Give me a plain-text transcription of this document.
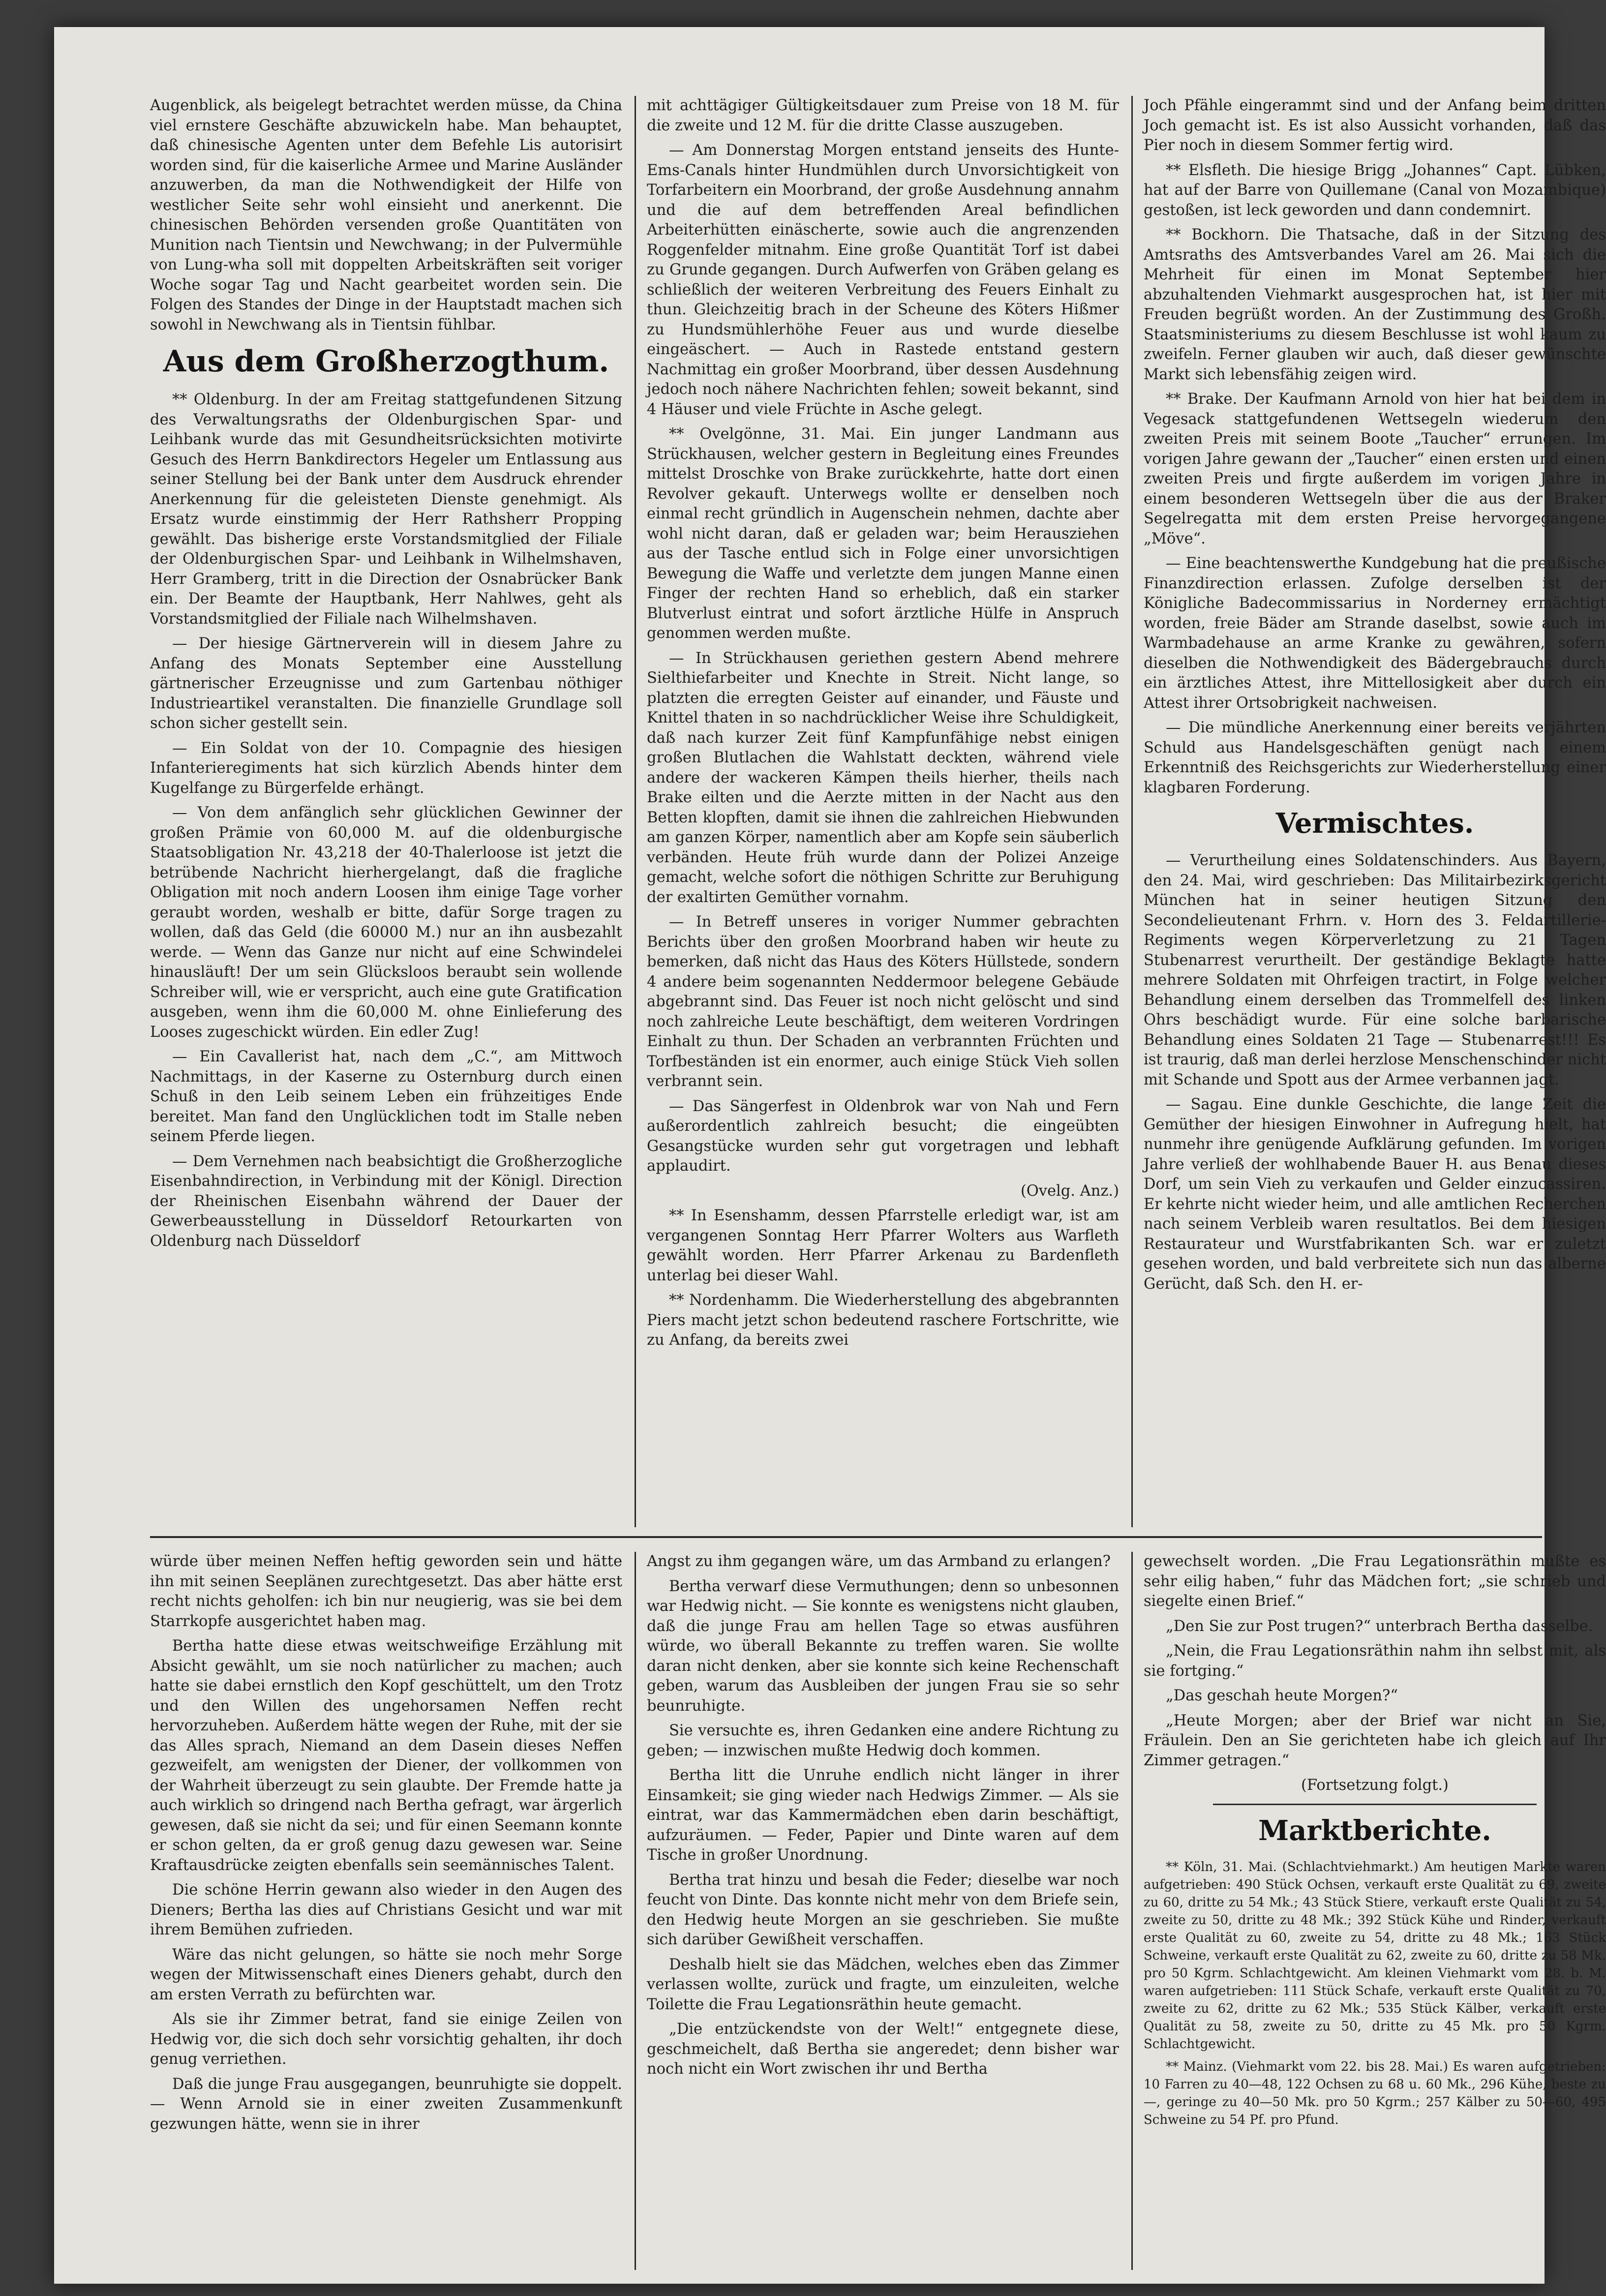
Augenblick, als beigelegt betrachtet werden müsse, da China viel ernstere Geschäfte abzuwickeln habe. Man behauptet, daß chinesische Agenten unter dem Befehle Lis autorisirt worden sind, für die kaiserliche Armee und Marine Ausländer anzuwerben, da man die Nothwendigkeit der Hilfe von westlicher Seite sehr wohl einsieht und anerkennt. Die chinesischen Behörden versenden große Quantitäten von Munition nach Tientsin und Newchwang; in der Pulvermühle von Lung-wha soll mit doppelten Arbeitskräften seit voriger Woche sogar Tag und Nacht gearbeitet worden sein. Die Folgen des Standes der Dinge in der Hauptstadt machen sich sowohl in Newchwang als in Tientsin fühlbar.

Aus dem Großherzogthum.

** Oldenburg. In der am Freitag stattgefundenen Sitzung des Verwaltungsraths der Oldenburgischen Spar- und Leihbank wurde das mit Gesundheitsrücksichten motivirte Gesuch des Herrn Bankdirectors Hegeler um Entlassung aus seiner Stellung bei der Bank unter dem Ausdruck ehrender Anerkennung für die geleisteten Dienste genehmigt. Als Ersatz wurde einstimmig der Herr Rathsherr Propping gewählt. Das bisherige erste Vorstandsmitglied der Filiale der Oldenburgischen Spar- und Leihbank in Wilhelmshaven, Herr Gramberg, tritt in die Direction der Osnabrücker Bank ein. Der Beamte der Hauptbank, Herr Nahlwes, geht als Vorstandsmitglied der Filiale nach Wilhelmshaven.

— Der hiesige Gärtnerverein will in diesem Jahre zu Anfang des Monats September eine Ausstellung gärtnerischer Erzeugnisse und zum Gartenbau nöthiger Industrieartikel veranstalten. Die finanzielle Grundlage soll schon sicher gestellt sein.

— Ein Soldat von der 10. Compagnie des hiesigen Infanterieregiments hat sich kürzlich Abends hinter dem Kugelfange zu Bürgerfelde erhängt.

— Von dem anfänglich sehr glücklichen Gewinner der großen Prämie von 60,000 M. auf die oldenburgische Staatsobligation Nr. 43,218 der 40-Thalerloose ist jetzt die betrübende Nachricht hierhergelangt, daß die fragliche Obligation mit noch andern Loosen ihm einige Tage vorher geraubt worden, weshalb er bitte, dafür Sorge tragen zu wollen, daß das Geld (die 60000 M.) nur an ihn ausbezahlt werde. — Wenn das Ganze nur nicht auf eine Schwindelei hinausläuft! Der um sein Glücksloos beraubt sein wollende Schreiber will, wie er verspricht, auch eine gute Gratification ausgeben, wenn ihm die 60,000 M. ohne Einlieferung des Looses zugeschickt würden. Ein edler Zug!

— Ein Cavallerist hat, nach dem „C.“, am Mittwoch Nachmittags, in der Kaserne zu Osternburg durch einen Schuß in den Leib seinem Leben ein frühzeitiges Ende bereitet. Man fand den Unglücklichen todt im Stalle neben seinem Pferde liegen.

— Dem Vernehmen nach beabsichtigt die Großherzogliche Eisenbahndirection, in Verbindung mit der Königl. Direction der Rheinischen Eisenbahn während der Dauer der Gewerbeausstellung in Düsseldorf Retourkarten von Oldenburg nach Düsseldorf

mit achttägiger Gültigkeitsdauer zum Preise von 18 M. für die zweite und 12 M. für die dritte Classe auszugeben.

— Am Donnerstag Morgen entstand jenseits des Hunte-Ems-Canals hinter Hundmühlen durch Unvorsichtigkeit von Torfarbeitern ein Moorbrand, der große Ausdehnung annahm und die auf dem betreffenden Areal befindlichen Arbeiterhütten einäscherte, sowie auch die angrenzenden Roggenfelder mitnahm. Eine große Quantität Torf ist dabei zu Grunde gegangen. Durch Aufwerfen von Gräben gelang es schließlich der weiteren Verbreitung des Feuers Einhalt zu thun. Gleichzeitig brach in der Scheune des Köters Hißmer zu Hundsmühlerhöhe Feuer aus und wurde dieselbe eingeäschert. — Auch in Rastede entstand gestern Nachmittag ein großer Moorbrand, über dessen Ausdehnung jedoch noch nähere Nachrichten fehlen; soweit bekannt, sind 4 Häuser und viele Früchte in Asche gelegt.

** Ovelgönne, 31. Mai. Ein junger Landmann aus Strückhausen, welcher gestern in Begleitung eines Freundes mittelst Droschke von Brake zurückkehrte, hatte dort einen Revolver gekauft. Unterwegs wollte er denselben noch einmal recht gründlich in Augenschein nehmen, dachte aber wohl nicht daran, daß er geladen war; beim Herausziehen aus der Tasche entlud sich in Folge einer unvorsichtigen Bewegung die Waffe und verletzte dem jungen Manne einen Finger der rechten Hand so erheblich, daß ein starker Blutverlust eintrat und sofort ärztliche Hülfe in Anspruch genommen werden mußte.

— In Strückhausen geriethen gestern Abend mehrere Sielthiefarbeiter und Knechte in Streit. Nicht lange, so platzten die erregten Geister auf einander, und Fäuste und Knittel thaten in so nachdrücklicher Weise ihre Schuldigkeit, daß nach kurzer Zeit fünf Kampfunfähige nebst einigen großen Blutlachen die Wahlstatt deckten, während viele andere der wackeren Kämpen theils hierher, theils nach Brake eilten und die Aerzte mitten in der Nacht aus den Betten klopften, damit sie ihnen die zahlreichen Hiebwunden am ganzen Körper, namentlich aber am Kopfe sein säuberlich verbänden. Heute früh wurde dann der Polizei Anzeige gemacht, welche sofort die nöthigen Schritte zur Beruhigung der exaltirten Gemüther vornahm.

— In Betreff unseres in voriger Nummer gebrachten Berichts über den großen Moorbrand haben wir heute zu bemerken, daß nicht das Haus des Köters Hüllstede, sondern 4 andere beim sogenannten Neddermoor belegene Gebäude abgebrannt sind. Das Feuer ist noch nicht gelöscht und sind noch zahlreiche Leute beschäftigt, dem weiteren Vordringen Einhalt zu thun. Der Schaden an verbrannten Früchten und Torfbeständen ist ein enormer, auch einige Stück Vieh sollen verbrannt sein.

— Das Sängerfest in Oldenbrok war von Nah und Fern außerordentlich zahlreich besucht; die eingeübten Gesangstücke wurden sehr gut vorgetragen und lebhaft applaudirt.

(Ovelg. Anz.)

** In Esenshamm, dessen Pfarrstelle erledigt war, ist am vergangenen Sonntag Herr Pfarrer Wolters aus Warfleth gewählt worden. Herr Pfarrer Arkenau zu Bardenfleth unterlag bei dieser Wahl.

** Nordenhamm. Die Wiederherstellung des abgebrannten Piers macht jetzt schon bedeutend raschere Fortschritte, wie zu Anfang, da bereits zwei

Joch Pfähle eingerammt sind und der Anfang beim dritten Joch gemacht ist. Es ist also Aussicht vorhanden, daß das Pier noch in diesem Sommer fertig wird.

** Elsfleth. Die hiesige Brigg „Johannes“ Capt. Lübken, hat auf der Barre von Quillemane (Canal von Mozambique) gestoßen, ist leck geworden und dann condemnirt.

** Bockhorn. Die Thatsache, daß in der Sitzung des Amtsraths des Amtsverbandes Varel am 26. Mai sich die Mehrheit für einen im Monat September hier abzuhaltenden Viehmarkt ausgesprochen hat, ist hier mit Freuden begrüßt worden. An der Zustimmung des Großh. Staatsministeriums zu diesem Beschlusse ist wohl kaum zu zweifeln. Ferner glauben wir auch, daß dieser gewünschte Markt sich lebensfähig zeigen wird.

** Brake. Der Kaufmann Arnold von hier hat bei dem in Vegesack stattgefundenen Wettsegeln wiederum den zweiten Preis mit seinem Boote „Taucher“ errungen. Im vorigen Jahre gewann der „Taucher“ einen ersten und einen zweiten Preis und firgte außerdem im vorigen Jahre in einem besonderen Wettsegeln über die aus der Braker Segelregatta mit dem ersten Preise hervorgegangene „Möve“.

— Eine beachtenswerthe Kundgebung hat die preußische Finanzdirection erlassen. Zufolge derselben ist der Königliche Badecommissarius in Norderney ermächtigt worden, freie Bäder am Strande daselbst, sowie auch im Warmbadehause an arme Kranke zu gewähren, sofern dieselben die Nothwendigkeit des Bädergebrauchs durch ein ärztliches Attest, ihre Mittellosigkeit aber durch ein Attest ihrer Ortsobrigkeit nachweisen.

— Die mündliche Anerkennung einer bereits verjährten Schuld aus Handelsgeschäften genügt nach einem Erkenntniß des Reichsgerichts zur Wiederherstellung einer klagbaren Forderung.

Vermischtes.

— Verurtheilung eines Soldatenschinders. Aus Bayern, den 24. Mai, wird geschrieben: Das Militairbezirksgericht München hat in seiner heutigen Sitzung den Secondelieutenant Frhrn. v. Horn des 3. Feldartillerie-Regiments wegen Körperverletzung zu 21 Tagen Stubenarrest verurtheilt. Der geständige Beklagte hatte mehrere Soldaten mit Ohrfeigen tractirt, in Folge welcher Behandlung einem derselben das Trommelfell des linken Ohrs beschädigt wurde. Für eine solche barbarische Behandlung eines Soldaten 21 Tage — Stubenarrest!!! Es ist traurig, daß man derlei herzlose Menschenschinder nicht mit Schande und Spott aus der Armee verbannen jagt.

— Sagau. Eine dunkle Geschichte, die lange Zeit die Gemüther der hiesigen Einwohner in Aufregung hielt, hat nunmehr ihre genügende Aufklärung gefunden. Im vorigen Jahre verließ der wohlhabende Bauer H. aus Benau dieses Dorf, um sein Vieh zu verkaufen und Gelder einzucassiren. Er kehrte nicht wieder heim, und alle amtlichen Recherchen nach seinem Verbleib waren resultatlos. Bei dem hiesigen Restaurateur und Wurstfabrikanten Sch. war er zuletzt gesehen worden, und bald verbreitete sich nun das alberne Gerücht, daß Sch. den H. er-

würde über meinen Neffen heftig geworden sein und hätte ihn mit seinen Seeplänen zurechtgesetzt. Das aber hätte erst recht nichts geholfen: ich bin nur neugierig, was sie bei dem Starrkopfe ausgerichtet haben mag.

Bertha hatte diese etwas weitschweifige Erzählung mit Absicht gewählt, um sie noch natürlicher zu machen; auch hatte sie dabei ernstlich den Kopf geschüttelt, um den Trotz und den Willen des ungehorsamen Neffen recht hervorzuheben. Außerdem hätte wegen der Ruhe, mit der sie das Alles sprach, Niemand an dem Dasein dieses Neffen gezweifelt, am wenigsten der Diener, der vollkommen von der Wahrheit überzeugt zu sein glaubte. Der Fremde hatte ja auch wirklich so dringend nach Bertha gefragt, war ärgerlich gewesen, daß sie nicht da sei; und für einen Seemann konnte er schon gelten, da er groß genug dazu gewesen war. Seine Kraftausdrücke zeigten ebenfalls sein seemännisches Talent.

Die schöne Herrin gewann also wieder in den Augen des Dieners; Bertha las dies auf Christians Gesicht und war mit ihrem Bemühen zufrieden.

Wäre das nicht gelungen, so hätte sie noch mehr Sorge wegen der Mitwissenschaft eines Dieners gehabt, durch den am ersten Verrath zu befürchten war.

Als sie ihr Zimmer betrat, fand sie einige Zeilen von Hedwig vor, die sich doch sehr vorsichtig gehalten, ihr doch genug verriethen.

Daß die junge Frau ausgegangen, beunruhigte sie doppelt. — Wenn Arnold sie in einer zweiten Zusammenkunft gezwungen hätte, wenn sie in ihrer

Angst zu ihm gegangen wäre, um das Armband zu erlangen?

Bertha verwarf diese Vermuthungen; denn so unbesonnen war Hedwig nicht. — Sie konnte es wenigstens nicht glauben, daß die junge Frau am hellen Tage so etwas ausführen würde, wo überall Bekannte zu treffen waren. Sie wollte daran nicht denken, aber sie konnte sich keine Rechenschaft geben, warum das Ausbleiben der jungen Frau sie so sehr beunruhigte.

Sie versuchte es, ihren Gedanken eine andere Richtung zu geben; — inzwischen mußte Hedwig doch kommen.

Bertha litt die Unruhe endlich nicht länger in ihrer Einsamkeit; sie ging wieder nach Hedwigs Zimmer. — Als sie eintrat, war das Kammermädchen eben darin beschäftigt, aufzuräumen. — Feder, Papier und Dinte waren auf dem Tische in großer Unordnung.

Bertha trat hinzu und besah die Feder; dieselbe war noch feucht von Dinte. Das konnte nicht mehr von dem Briefe sein, den Hedwig heute Morgen an sie geschrieben. Sie mußte sich darüber Gewißheit verschaffen.

Deshalb hielt sie das Mädchen, welches eben das Zimmer verlassen wollte, zurück und fragte, um einzuleiten, welche Toilette die Frau Legationsräthin heute gemacht.

„Die entzückendste von der Welt!“ entgegnete diese, geschmeichelt, daß Bertha sie angeredet; denn bisher war noch nicht ein Wort zwischen ihr und Bertha

gewechselt worden. „Die Frau Legationsräthin mußte es sehr eilig haben,“ fuhr das Mädchen fort; „sie schrieb und siegelte einen Brief.“

„Den Sie zur Post trugen?“ unterbrach Bertha dasselbe.

„Nein, die Frau Legationsräthin nahm ihn selbst mit, als sie fortging.“

„Das geschah heute Morgen?“

„Heute Morgen; aber der Brief war nicht an Sie, Fräulein. Den an Sie gerichteten habe ich gleich auf Ihr Zimmer getragen.“

(Fortsetzung folgt.)

Marktberichte.

** Köln, 31. Mai. (Schlachtviehmarkt.) Am heutigen Markte waren aufgetrieben: 490 Stück Ochsen, verkauft erste Qualität zu 69, zweite zu 60, dritte zu 54 Mk.; 43 Stück Stiere, verkauft erste Qualität zu 54, zweite zu 50, dritte zu 48 Mk.; 392 Stück Kühe und Rinder, verkauft erste Qualität zu 60, zweite zu 54, dritte zu 48 Mk.; 163 Stück Schweine, verkauft erste Qualität zu 62, zweite zu 60, dritte zu 58 Mk. pro 50 Kgrm. Schlachtgewicht. Am kleinen Viehmarkt vom 28. b. M. waren aufgetrieben: 111 Stück Schafe, verkauft erste Qualität zu 70, zweite zu 62, dritte zu 62 Mk.; 535 Stück Kälber, verkauft erste Qualität zu 58, zweite zu 50, dritte zu 45 Mk. pro 50 Kgrm. Schlachtgewicht.

** Mainz. (Viehmarkt vom 22. bis 28. Mai.) Es waren aufgetrieben: 10 Farren zu 40—48, 122 Ochsen zu 68 u. 60 Mk., 296 Kühe, beste zu —, geringe zu 40—50 Mk. pro 50 Kgrm.; 257 Kälber zu 50—60, 495 Schweine zu 54 Pf. pro Pfund.
